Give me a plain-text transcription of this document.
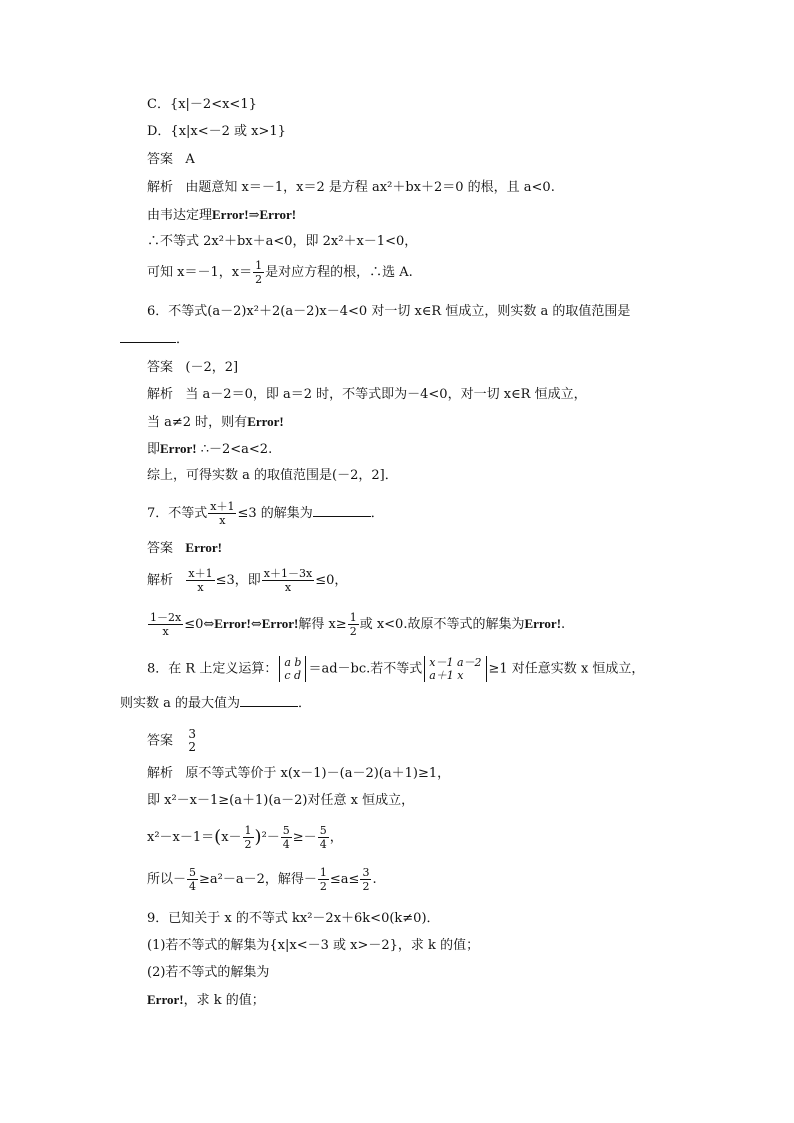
C．{x|－2<x<1}
D．{x|x<－2 或 x>1}
答案 A
解析 由题意知 x＝－1，x＝2 是方程 ax²＋bx＋2＝0 的根，且 a<0.
由韦达定理Error!⇒Error!
∴不等式 2x²＋bx＋a<0，即 2x²＋x－1<0，
可知 x＝－1，$x= \frac{1}{2}$ 是对应方程的根，∴选 A.
6．不等式(a－2)x²＋2(a－2)x－4<0 对一切 x∈R 恒成立，则实数 a 的取值范围是
．
答案 (－2，2]
解析 当 a－2＝0，即 a＝2 时，不等式即为－4<0，对一切 x∈R 恒成立，
当 a≠2 时，则有Error!
即Error! ∴－2<a<2.
综上，可得实数 a 的取值范围是(－2，2]．
7．不等式 $\frac{x+1}{x} \le 3$ 的解集为	．
答案 Error!
解析 $\frac{x+1}{x} \le 3$，即 $\frac{x+1-3x}{x} \le 0$，
$\frac{1-2x}{x}$ ≤0⇔Error!⇔Error!解得 $x\ge \frac{1}{2}$ 或 x<0.故原不等式的解集为Error!.
8．在 R 上定义运算： a b
c d ＝ad－bc.若不等式 x－1 a－2
a＋1 x	≥1 对任意实数 x 恒成立，
则实数 a 的最大值为	．
答案 3
2
解析 原不等式等价于 x(x－1)－(a－2)(a＋1)≥1，
即 x²－x－1≥(a＋1)(a－2)对任意 x 恒成立，
$x^2-x-1=(x- \frac{1}{2} )^2- \frac{5}{4} \ge- \frac{5}{4}$ ，
所以－ $\frac{5}{4} \ge a^2-a-2$，解得－ $\frac{1}{2} \le a\le \frac{3}{2}$ .
9．已知关于 x 的不等式 kx²－2x＋6k<0(k≠0)．
(1)若不等式的解集为{x|x<－3 或 x>－2}，求 k 的值；
(2)若不等式的解集为
Error!，求 k 的值；
